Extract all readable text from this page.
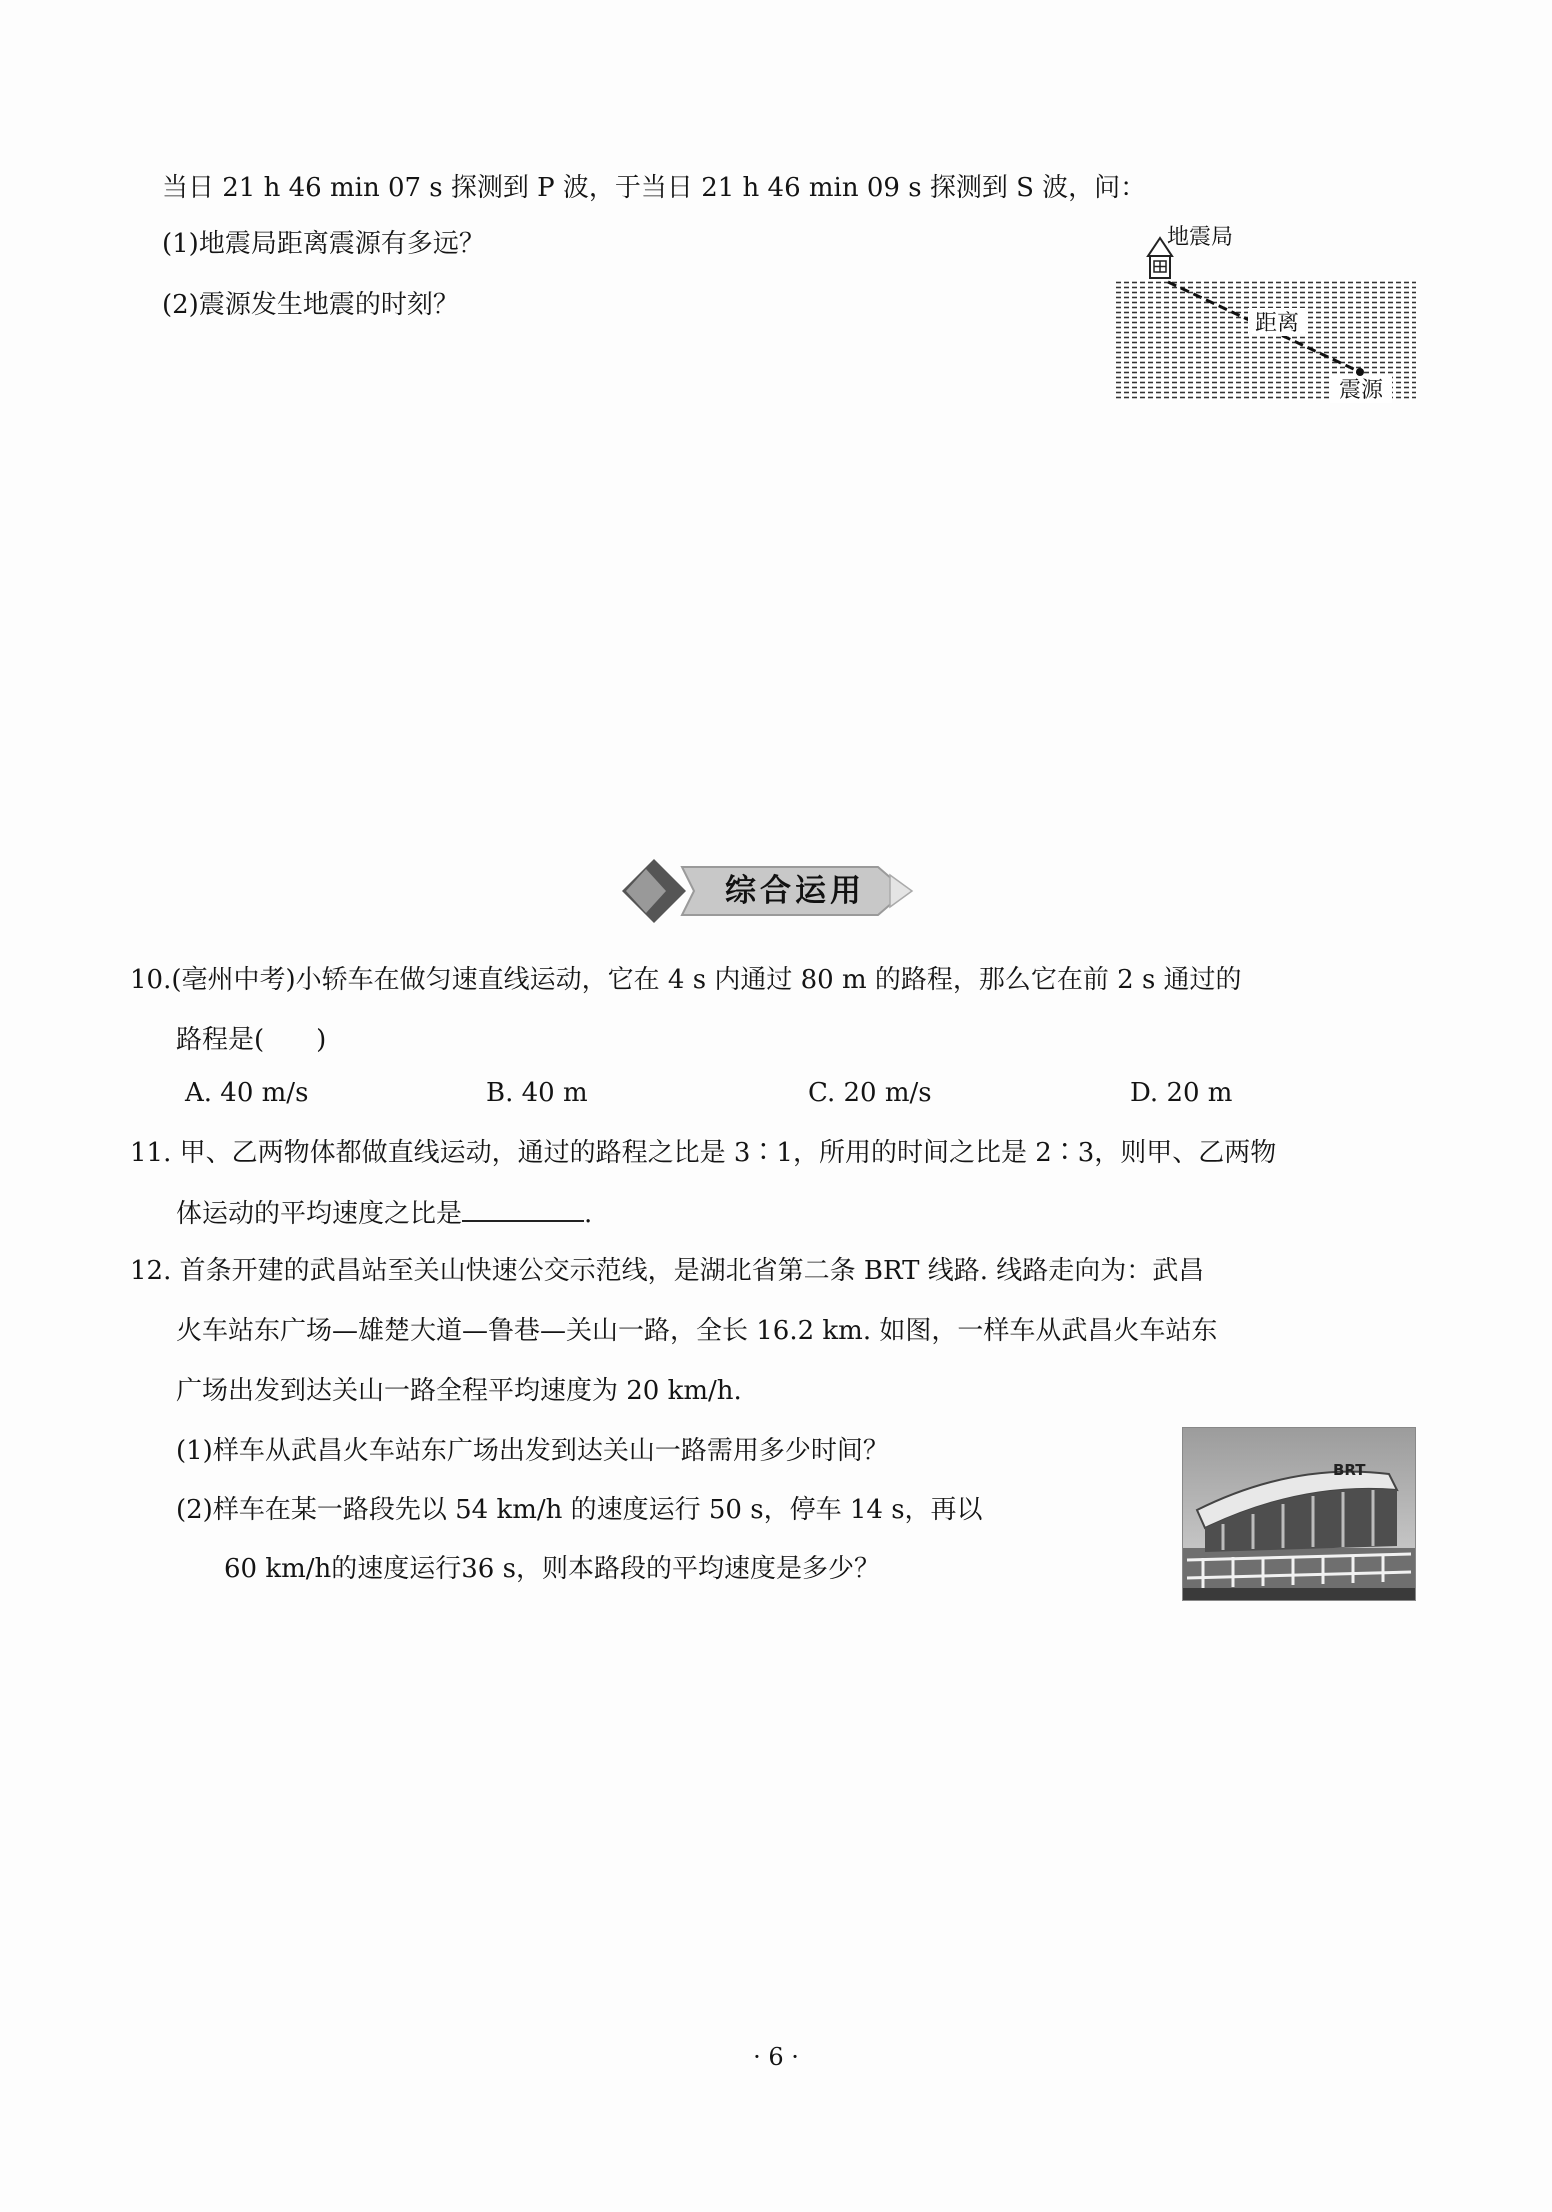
当日 21 h 46 min 07 s 探测到 P 波，于当日 21 h 46 min 09 s 探测到 S 波，问：
(1)地震局距离震源有多远？
(2)震源发生地震的时刻？
地震局
距离
震源
综合运用
10.(亳州中考)小轿车在做匀速直线运动，它在 4 s 内通过 80 m 的路程，那么它在前 2 s 通过的
路程是(　　)
A. 40 m/s	B. 40 m	C. 20 m/s	D. 20 m
11. 甲、乙两物体都做直线运动，通过的路程之比是 3∶1，所用的时间之比是 2∶3，则甲、乙两物
体运动的平均速度之比是	.
12. 首条开建的武昌站至关山快速公交示范线，是湖北省第二条 BRT 线路. 线路走向为：武昌
火车站东广场—雄楚大道—鲁巷—关山一路，全长 16.2 km. 如图，一样车从武昌火车站东
广场出发到达关山一路全程平均速度为 20 km/h.
(1)样车从武昌火车站东广场出发到达关山一路需用多少时间？
(2)样车在某一路段先以 54 km/h 的速度运行 50 s，停车 14 s，再以
60 km/h的速度运行36 s，则本路段的平均速度是多少？
BRT
· 6 ·
